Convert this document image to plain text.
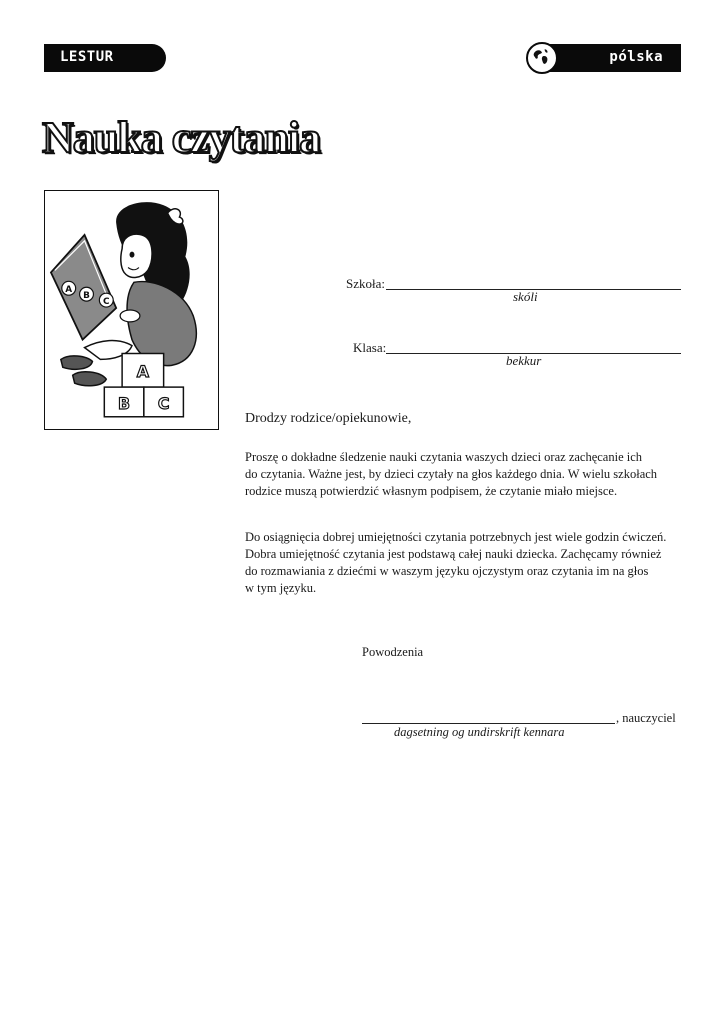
LESTUR	pólska
Nauka czytania
A
B
C
A
B C
Szkoła:
skóli
Klasa:
bekkur

Drodzy rodzice/opiekunowie,

Proszę o dokładne śledzenie nauki czytania waszych dzieci oraz zachęcanie ich
do czytania. Ważne jest, by dzieci czytały na głos każdego dnia. W wielu szkołach
rodzice muszą potwierdzić własnym podpisem, że czytanie miało miejsce.
Do osiągnięcia dobrej umiejętności czytania potrzebnych jest wiele godzin ćwiczeń.
Dobra umiejętność czytania jest podstawą całej nauki dziecka. Zachęcamy również
do rozmawiania z dziećmi w waszym języku ojczystym oraz czytania im na głos
w tym języku.

Powodzenia

, nauczyciel
dagsetning og undirskrift kennara
